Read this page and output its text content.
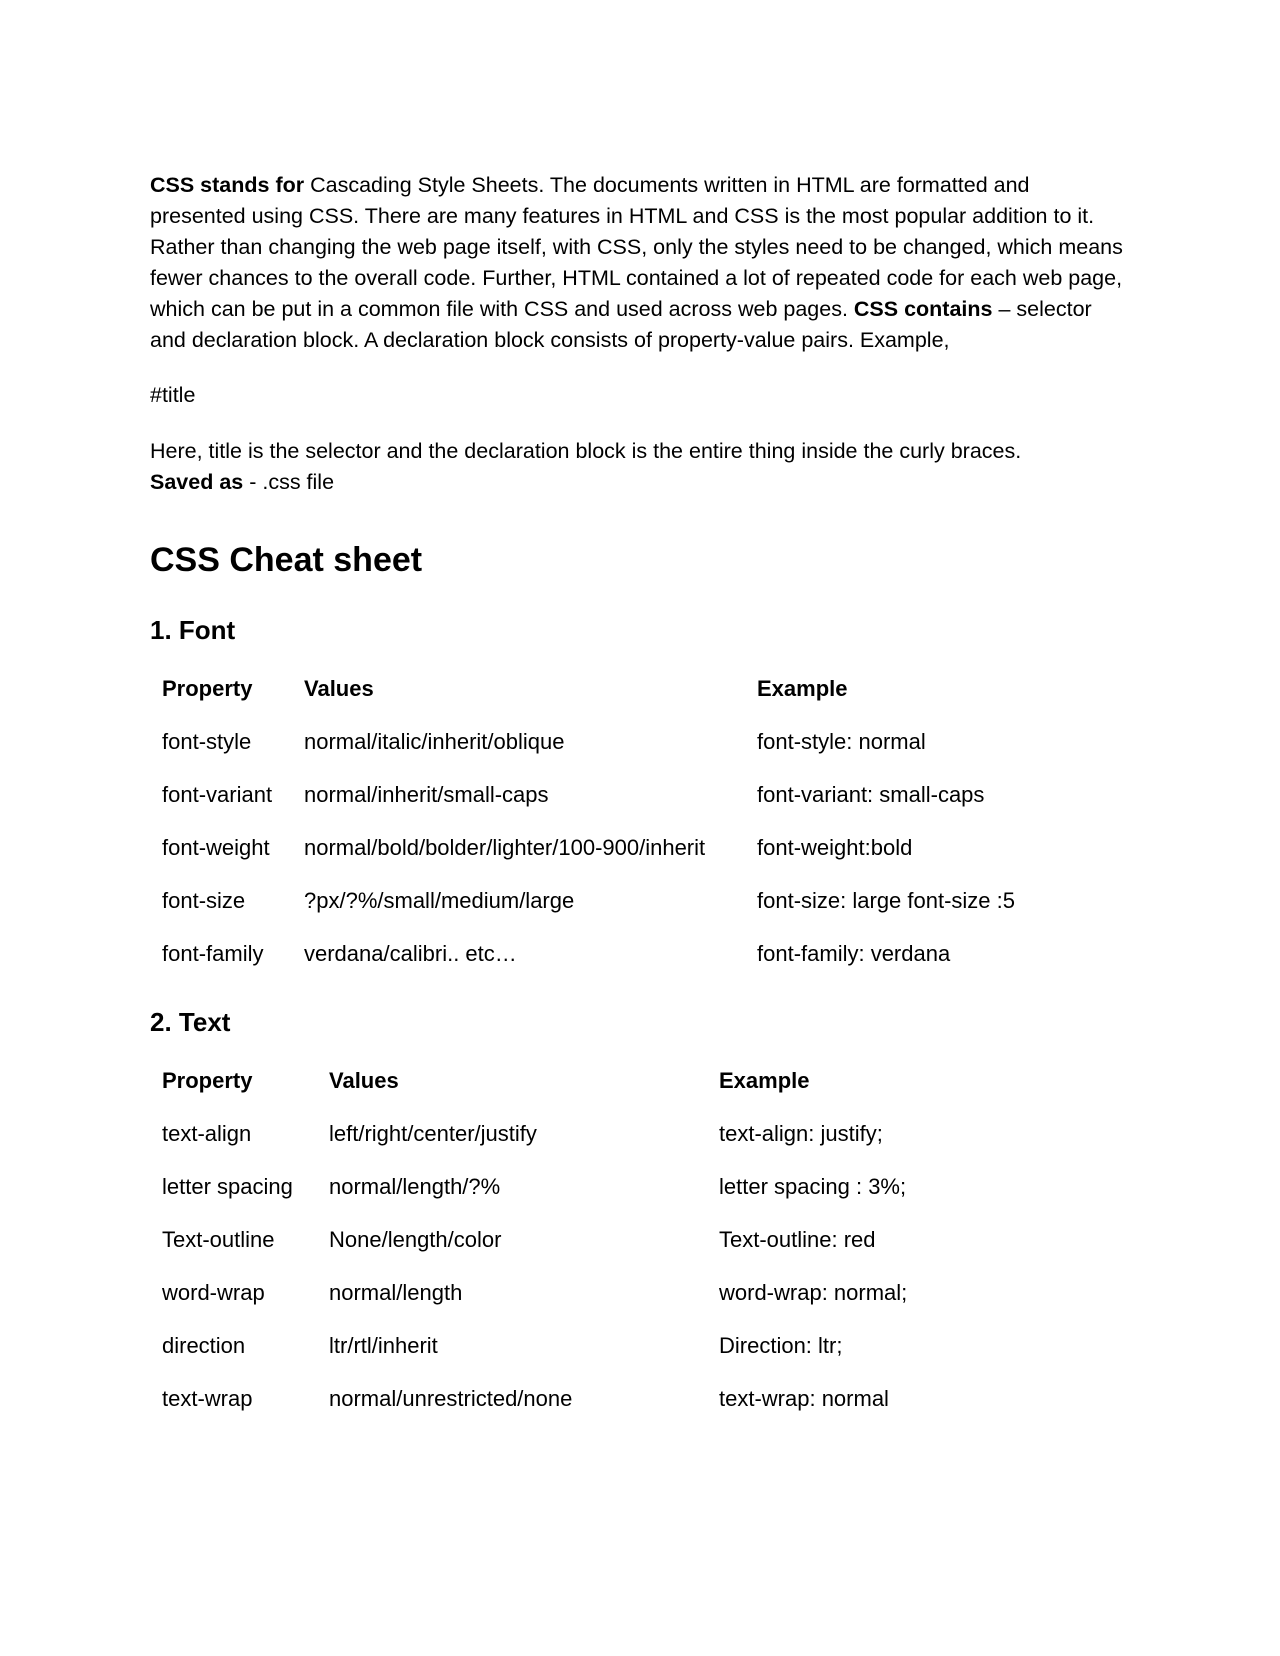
CSS stands for Cascading Style Sheets. The documents written in HTML are formatted and presented using CSS. There are many features in HTML and CSS is the most popular addition to it. Rather than changing the web page itself, with CSS, only the styles need to be changed, which means fewer chances to the overall code. Further, HTML contained a lot of repeated code for each web page, which can be put in a common file with CSS and used across web pages. CSS contains – selector and declaration block. A declaration block consists of property-value pairs. Example,

#title

Here, title is the selector and the declaration block is the entire thing inside the curly braces.
Saved as - .css file

CSS Cheat sheet
1. Font
Property	Values	Example
font-style	normal/italic/inherit/oblique	font-style: normal
font-variant	normal/inherit/small-caps	font-variant: small-caps
font-weight	normal/bold/bolder/lighter/100-900/inherit	font-weight:bold
font-size	?px/?%/small/medium/large	font-size: large font-size :5
font-family	verdana/calibri.. etc…	font-family: verdana
2. Text
Property	Values	Example
text-align	left/right/center/justify	text-align: justify;
letter spacing	normal/length/?%	letter spacing : 3%;
Text-outline	None/length/color	Text-outline: red
word-wrap	normal/length	word-wrap: normal;
direction	ltr/rtl/inherit	Direction: ltr;
text-wrap	normal/unrestricted/none	text-wrap: normal
